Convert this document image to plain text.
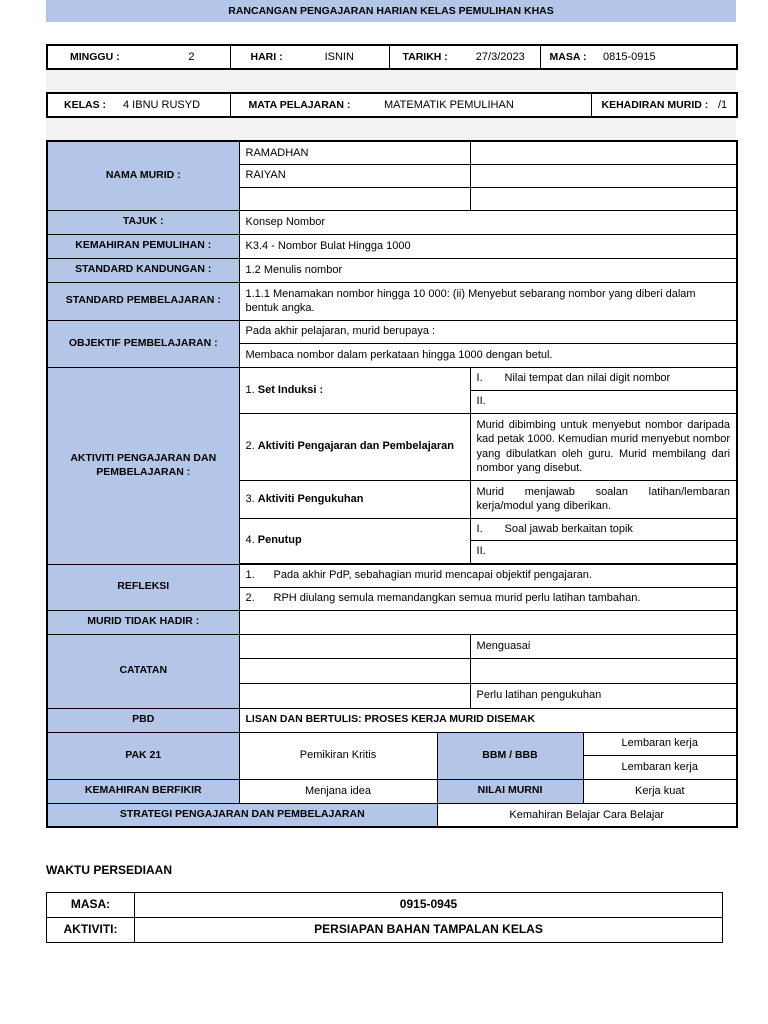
RANCANGAN PENGAJARAN HARIAN KELAS PEMULIHAN KHAS
MINGGU :	2	HARI :	ISNIN	TARIKH :	27/3/2023	MASA :	0815-0915
KELAS :	4 IBNU RUSYD	MATA PELAJARAN :	MATEMATIK PEMULIHAN	KEHADIRAN MURID :	/1
NAMA MURID :	RAMADHAN			
	RAIYAN			

TAJUK :	Konsep Nombor			
KEMAHIRAN PEMULIHAN :	K3.4 - Nombor Bulat Hingga 1000			
STANDARD KANDUNGAN :	1.2 Menulis nombor			
STANDARD PEMBELAJARAN :	1.1.1 Menamakan nombor hingga 10 000: (ii) Menyebut sebarang nombor yang diberi dalam bentuk angka.			
OBJEKTIF PEMBELAJARAN :	Pada akhir pelajaran, murid berupaya :			
	Membaca nombor dalam perkataan hingga 1000 dengan betul.			
AKTIVITI PENGAJARAN DAN PEMBELAJARAN :	1. Set Induksi :		I. Nilai tempat dan nilai digit nombor	
			II.	
	2. Aktiviti Pengajaran dan Pembelajaran		Murid dibimbing untuk menyebut nombor daripada kad petak 1000. Kemudian murid menyebut nombor yang dibulatkan oleh guru. Murid membilang dari nombor yang disebut.	
	3. Aktiviti Pengukuhan		Murid menjawab soalan latihan/lembaran kerja/modul yang diberikan.	
	4. Penutup		I. Soal jawab berkaitan topik	
			II.	

REFLEKSI	1. Pada akhir PdP, sebahagian murid mencapai objektif pengajaran.			
	2. RPH diulang semula memandangkan semua murid perlu latihan tambahan.			
MURID TIDAK HADIR :				
CATATAN			Menguasai	

			Perlu latihan pengukuhan	
PBD	LISAN DAN BERTULIS: PROSES KERJA MURID DISEMAK			
PAK 21	Pemikiran Kritis	BBM / BBB		Lembaran kerja
				Lembaran kerja
KEMAHIRAN BERFIKIR	Menjana idea	NILAI MURNI		Kerja kuat
STRATEGI PENGAJARAN DAN PEMBELAJARAN		Kemahiran Belajar Cara Belajar		
WAKTU PERSEDIAAN
MASA:	0915-0945
AKTIVITI:	PERSIAPAN BAHAN TAMPALAN KELAS
